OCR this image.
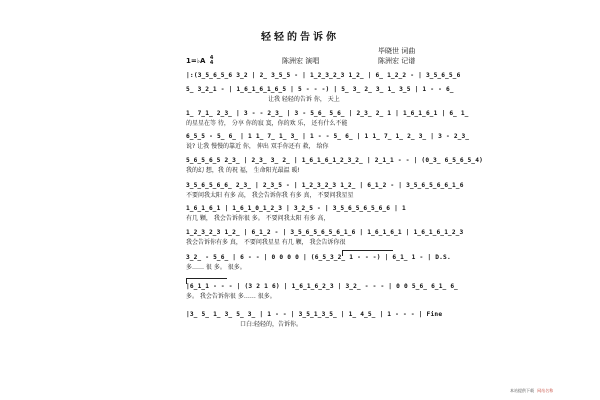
轻轻的告诉你
毕晓世 词曲
陈洲宏 记谱
陈洲宏 演唱
1=♭A 4
4
|:(3̲5̲6̲5̲6 3̲2 | 2̲ 3̲5̲5 - | 1̲2̲3̲2̲3 1̲2̲ | 6̲ 1̲2̲2 - | 3̲5̲6̲5̲6
5̲ 3̲2̲1 - | 1̲6̲1̲6̲1̲6̲5 | 5 - - -) | 5̲ 3̲ 2̲ 3̲ 1̲ 3̲5 | 1 - - 6̲
让我 轻轻的告诉 你， 天上
1̲ 7̲1̲ 2̲3̲ | 3 - - 2̲3̲ | 3 - 5̲6̲ 5̲6̲ | 2̲3̲ 2̲ 1 | 1̲6̲1̲6̲1 | 6̲ 1̲
的星星在等 待， 分享 你的寂 寞，你的欢 乐， 还有什么不能
6̲5̲5 - 5̲ 6̲ | 1 1̲ 7̲ 1̲ 3̲ | 1 - - 5̲ 6̲ | 1 1̲ 7̲ 1̲ 2̲ 3̲ | 3 - 2̲3̲
说? 让我 慢慢的靠近 你， 伸出 双手你还有 救， 给你
5̲6̲5̲6̲5 2̲3̲ | 2̲3̲ 3̲ 2̲ | 1̲6̲1̲6̲1̲2̲3̲2̲ | 2̲1̲1 - - | (0̲3̲ 6̲5̲6̲5̲4)
我的幻 想，我 的祝 福， 生命阳光最温 暖!
3̲5̲6̲5̲6̲6̲ 2̲3̲ | 2̲3̲5 - | 1̲2̲3̲2̲3 1̲2̲ | 6̲1̲2 - | 3̲5̲6̲5̲6̲6̲1̲6
不要问我太阳 有多 高， 我会告诉你我 有多 真， 不要问我星星
1̲6̲1̲6̲1 | 1̲6̲1̲0̲1̲2̲3 | 3̲2̲5 - | 3̲5̲6̲5̲6̲5̲6̲6 | 1
有几 颗， 我会告诉你很 多。 不要问我太阳 有多 高，
1̲2̲3̲2̲3 1̲2̲ | 6̲1̲2 - | 3̲5̲6̲5̲6̲5̲6̲1̲6 | 1̲6̲1̲6̲1 | 1̲6̲1̲6̲1̲2̲3
我会告诉你有多 真， 不要问我星星 有几 颗， 我会告诉你很
3̲2̲ - 5̲6̲ | 6 - - | 0 0 0 0 | (6̲5̲3̲2̲ 1 - - -) | 6̲1̲ 1 - | D.S.
多…… 很 多。 很多。
|6̲1̲1 - - - | (3 2 1 6) | 1̲6̲1̲6̲2̲3 | 3̲2̲ - - - | 0 0 5̲6̲ 6̲1̲ 6̲
多。 我会告诉你很 多…… 很多。
|3̲ 5̲ 1̲ 3̲ 5̲ 3̲ | 1 - - | 3̲5̲1̲3̲5̲ | 1̲ 4̲5̲ | 1 - - - | Fine
口白:轻轻的，告诉你。
本站提供下载 网站名称
